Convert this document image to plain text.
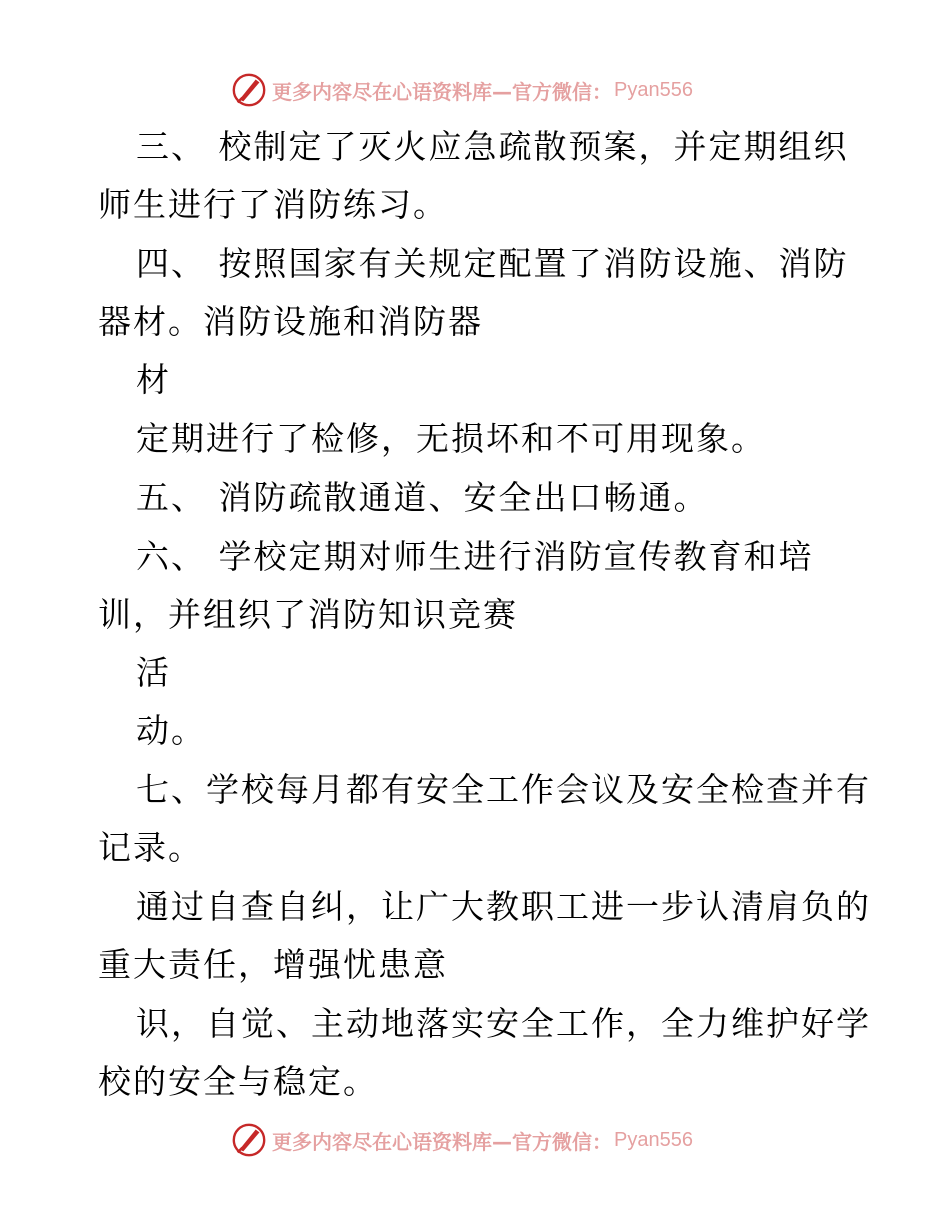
更多内容尽在心语资料库—官方微信： Pyan556
三、 校制定了灭火应急疏散预案，并定期组织
师生进行了消防练习。
四、 按照国家有关规定配置了消防设施、消防
器材。消防设施和消防器
材
定期进行了检修，无损坏和不可用现象。
五、 消防疏散通道、安全出口畅通。
六、 学校定期对师生进行消防宣传教育和培
训，并组织了消防知识竞赛
活
动。
七、学校每月都有安全工作会议及安全检查并有
记录。
通过自查自纠，让广大教职工进一步认清肩负的
重大责任，增强忧患意
识，自觉、主动地落实安全工作，全力维护好学
校的安全与稳定。
更多内容尽在心语资料库—官方微信： Pyan556
